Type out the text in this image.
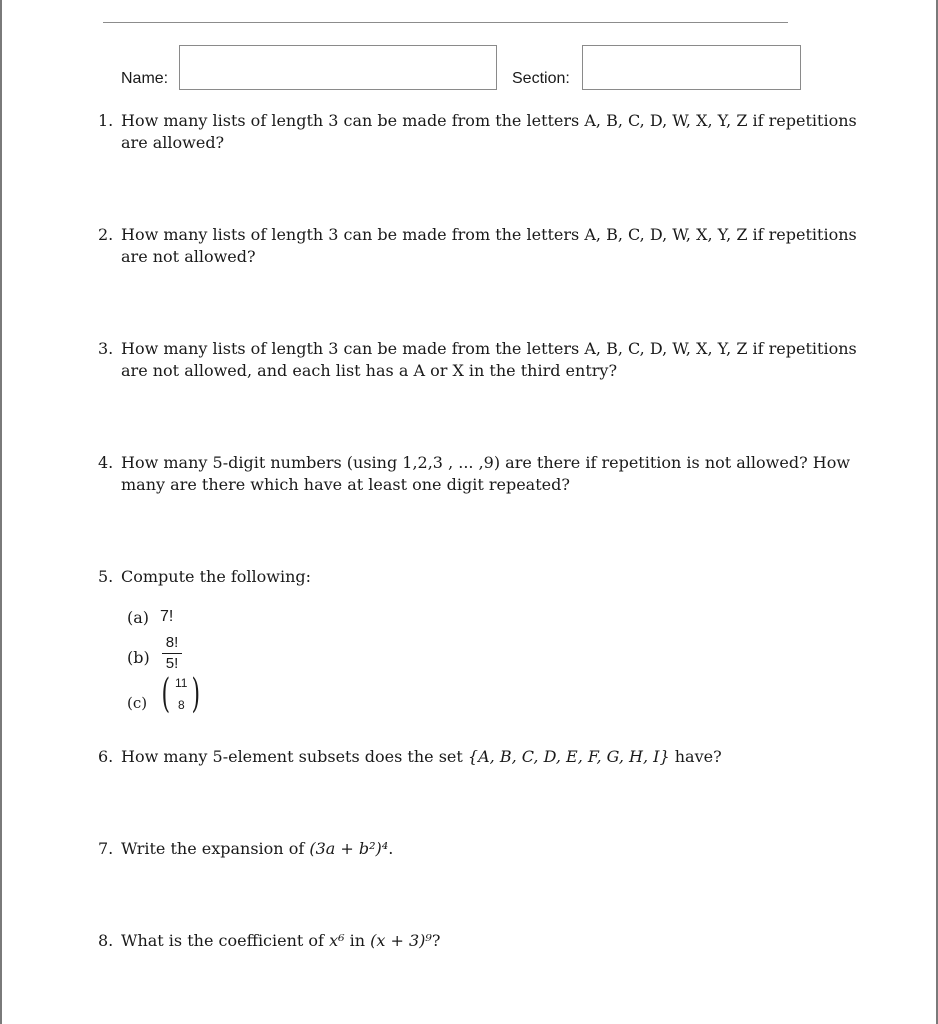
Name:	Section:
1. How many lists of length 3 can be made from the letters A, B, C, D, W, X, Y, Z if repetitions are allowed?
2. How many lists of length 3 can be made from the letters A, B, C, D, W, X, Y, Z if repetitions are not allowed?
3. How many lists of length 3 can be made from the letters A, B, C, D, W, X, Y, Z if repetitions are not allowed, and each list has a A or X in the third entry?
4. How many 5-digit numbers (using 1,2,3 , ... ,9) are there if repetition is not allowed? How many are there which have at least one digit repeated?
5. Compute the following:
(a) 7!
(b)
8!
5!
(c) ( 11
8 )
6. How many 5-element subsets does the set {A, B, C, D, E, F, G, H, I} have?
7. Write the expansion of (3a + b²)⁴.
8. What is the coefficient of x⁶ in (x + 3)⁹?
